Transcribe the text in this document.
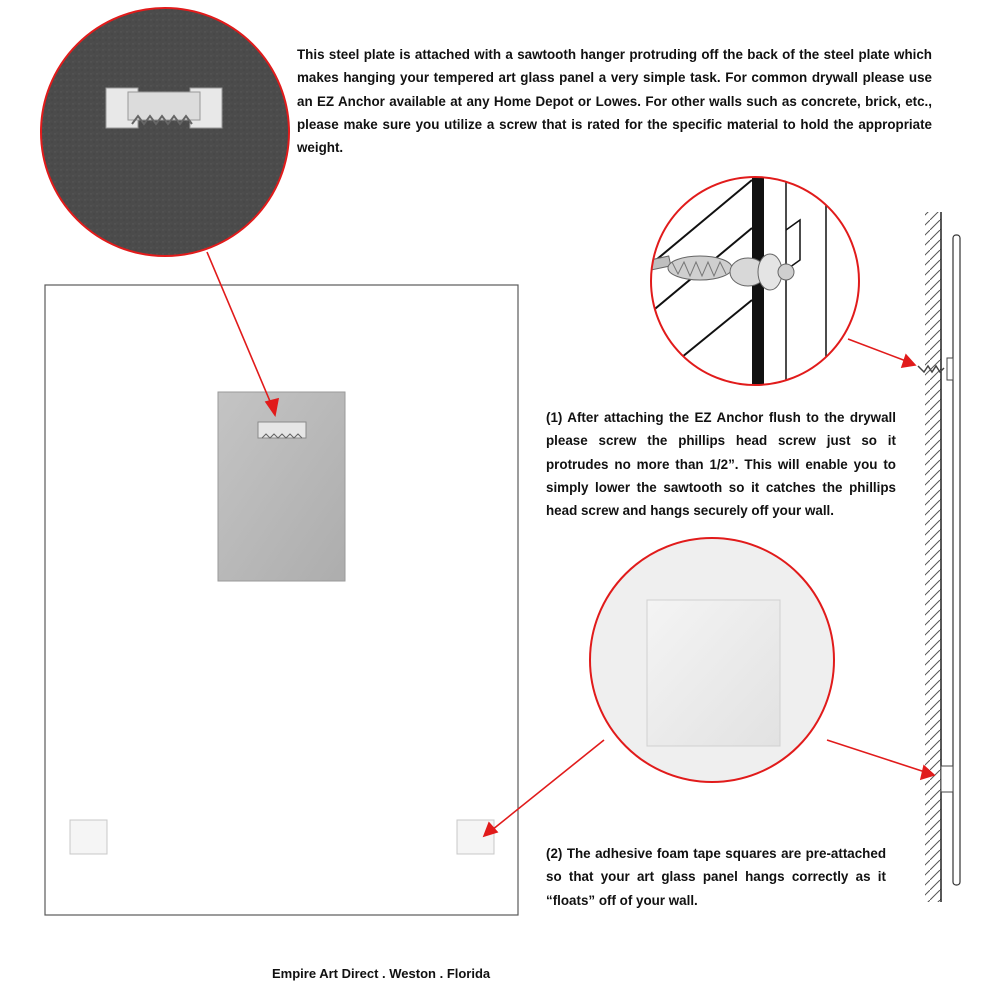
This steel plate is attached with a sawtooth hanger protruding off the back of the steel plate which makes hanging your tempered art glass panel a very simple task. For common drywall please use an EZ Anchor available at any Home Depot or Lowes. For other walls such as concrete, brick, etc., please make sure you utilize a screw that is rated for the specific material to hold the appropriate weight.

(1) After attaching the EZ Anchor flush to the drywall please screw the phillips head screw just so it protrudes no more than 1/2”. This will enable you to simply lower the sawtooth so it catches the phillips head screw and hangs securely off your wall.

(2) The adhesive foam tape squares are pre-attached so that your art glass panel hangs correctly as it “floats” off of your wall.

Empire Art Direct . Weston . Florida
